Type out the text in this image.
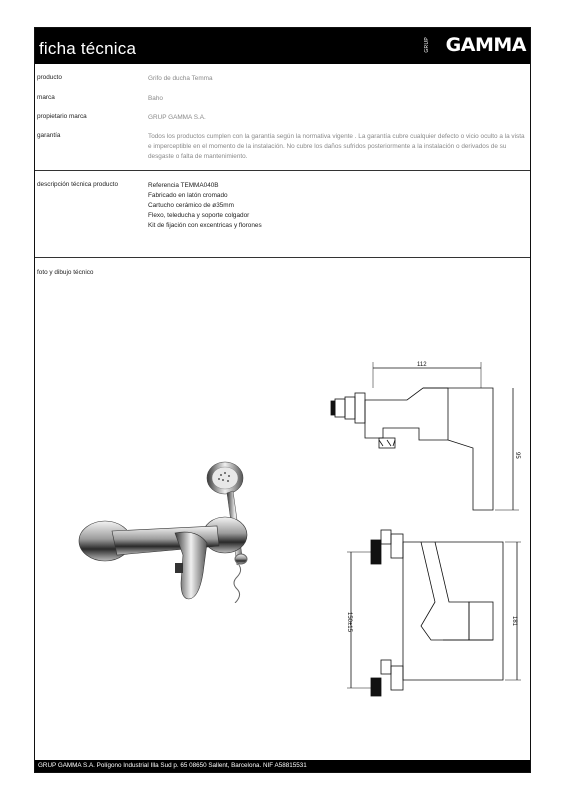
ficha técnica	GRUP GAMMA
producto	Grifo de ducha Temma
marca	Baho
propietario marca	GRUP GAMMA S.A.
garantía	Todos los productos cumplen con la garantía según la normativa vigente . La garantía cubre cualquier defecto o vicio oculto a la vista e imperceptible en el momento de la instalación. No cubre los daños sufridos posteriormente a la instalación o derivados de su desgaste o falta de mantenimiento.
descripción técnica producto	Referencia TEMMA040B
Fabricado en latón cromado
Cartucho cerámico de ø35mm
Flexo, teleducha y soporte colgador
Kit de fijación con excentricas y florones
foto y dibujo técnico
112
95
150±15	181
GRUP GAMMA S.A. Polígono Industrial Illa Sud p. 65 08650 Sallent, Barcelona. NIF A58815531
